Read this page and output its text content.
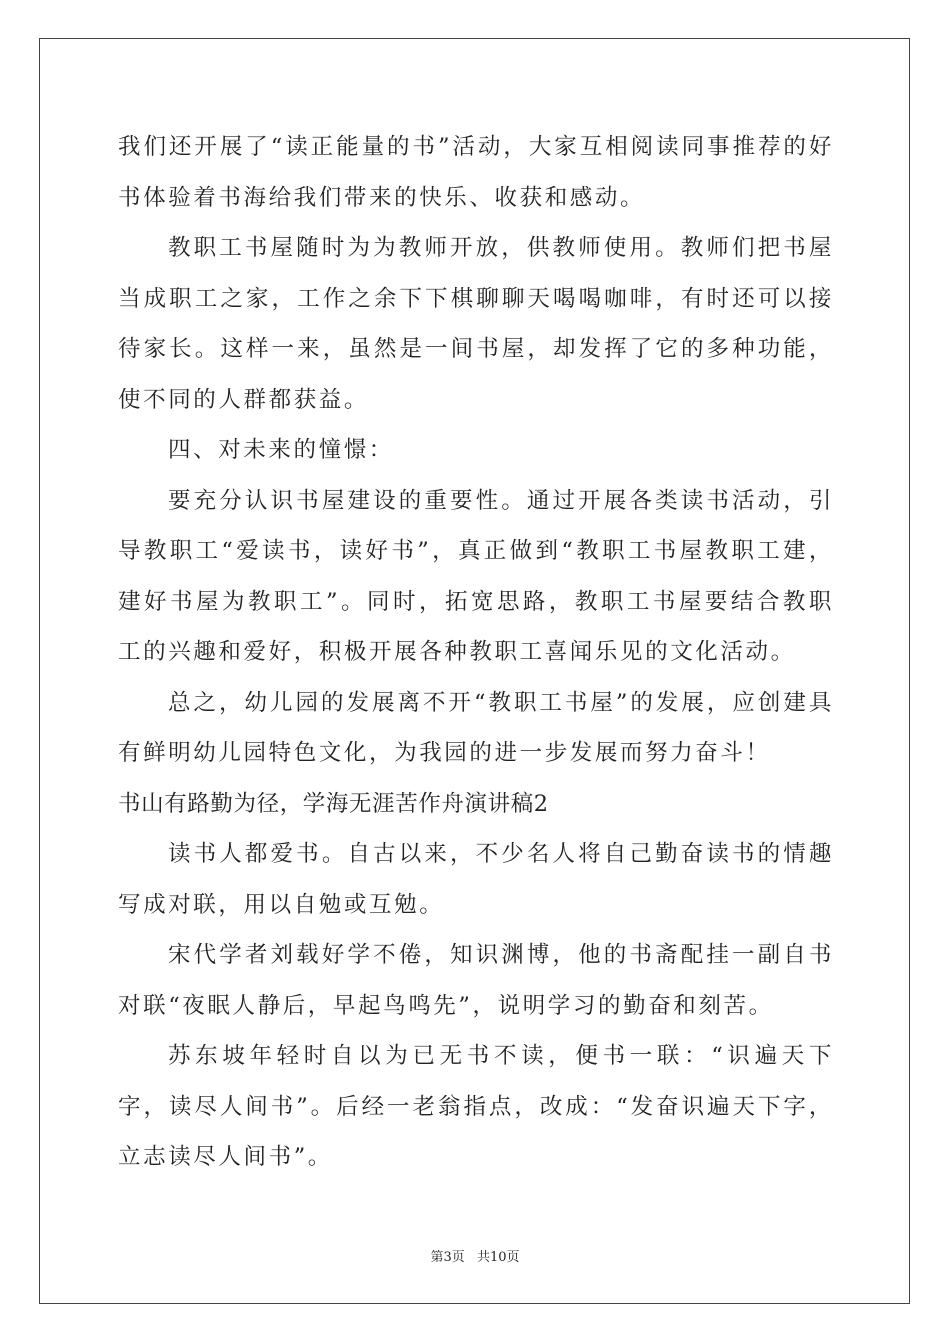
我们还开展了“读正能量的书”活动，大家互相阅读同事推荐的好书体验着书海给我们带来的快乐、收获和感动。

教职工书屋随时为为教师开放，供教师使用。教师们把书屋当成职工之家，工作之余下下棋聊聊天喝喝咖啡，有时还可以接待家长。这样一来，虽然是一间书屋，却发挥了它的多种功能，使不同的人群都获益。

四、对未来的憧憬：

要充分认识书屋建设的重要性。通过开展各类读书活动，引导教职工“爱读书，读好书”，真正做到“教职工书屋教职工建，建好书屋为教职工”。同时，拓宽思路，教职工书屋要结合教职工的兴趣和爱好，积极开展各种教职工喜闻乐见的文化活动。

总之，幼儿园的发展离不开“教职工书屋”的发展，应创建具有鲜明幼儿园特色文化，为我园的进一步发展而努力奋斗！

书山有路勤为径，学海无涯苦作舟演讲稿2

读书人都爱书。自古以来，不少名人将自己勤奋读书的情趣写成对联，用以自勉或互勉。

宋代学者刘载好学不倦，知识渊博，他的书斋配挂一副自书对联“夜眠人静后，早起鸟鸣先”，说明学习的勤奋和刻苦。

苏东坡年轻时自以为已无书不读，便书一联：“识遍天下字，读尽人间书”。后经一老翁指点，改成：“发奋识遍天下字，立志读尽人间书”。

第3页 共10页
